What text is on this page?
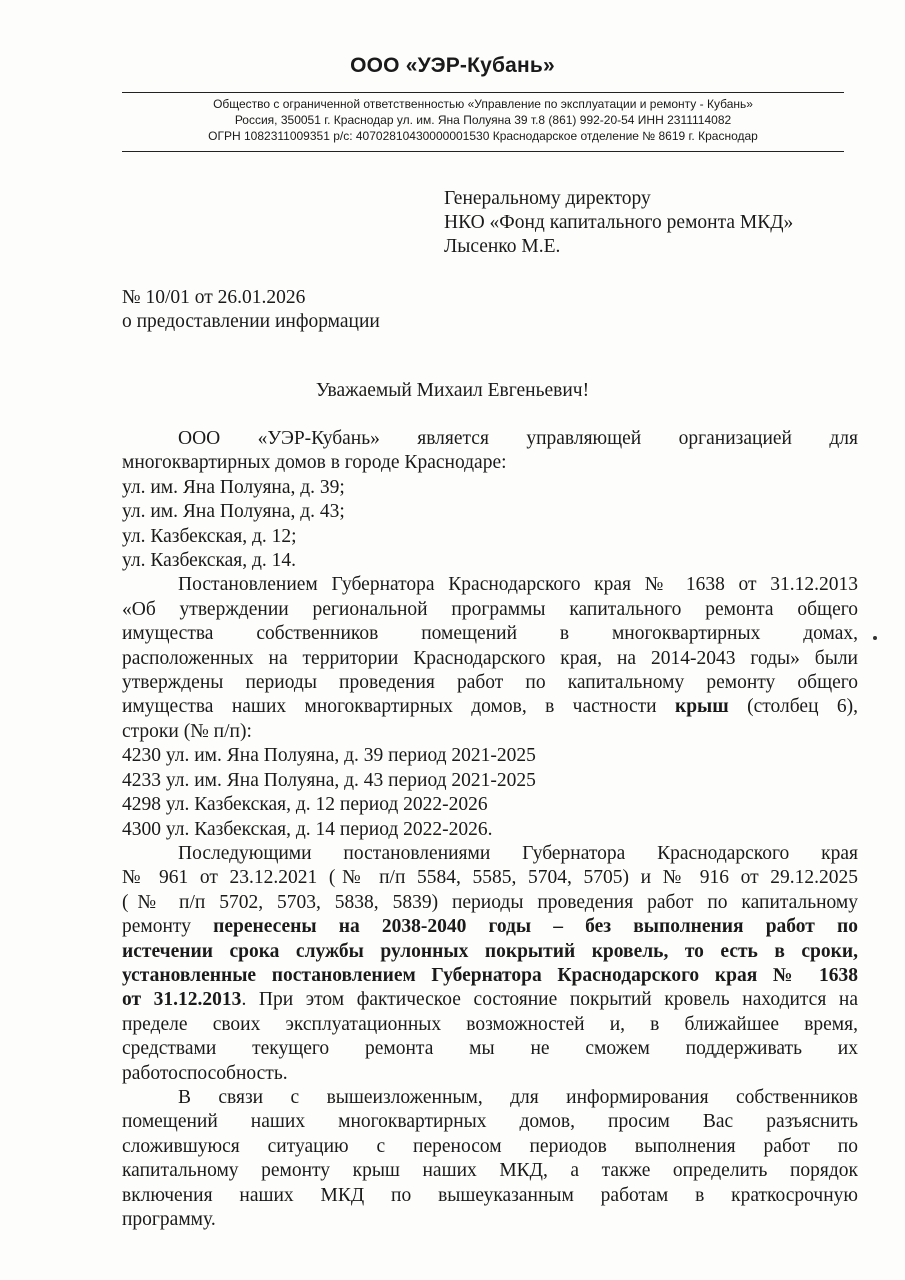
ООО «УЭР-Кубань»
Общество с ограниченной ответственностью «Управление по эксплуатации и ремонту - Кубань»
Россия, 350051 г. Краснодар ул. им. Яна Полуяна 39 т.8 (861) 992-20-54 ИНН 2311114082
ОГРН 1082311009351 р/с: 40702810430000001530 Краснодарское отделение № 8619 г. Краснодар
Генеральному директору
НКО «Фонд капитального ремонта МКД»
Лысенко М.Е.
№ 10/01 от 26.01.2026
о предоставлении информации
Уважаемый Михаил Евгеньевич!

ООО «УЭР-Кубань» является управляющей организацией для

многоквартирных домов в городе Краснодаре:

ул. им. Яна Полуяна, д. 39;

ул. им. Яна Полуяна, д. 43;

ул. Казбекская, д. 12;

ул. Казбекская, д. 14.

Постановлением Губернатора Краснодарского края № 1638 от 31.12.2013

«Об утверждении региональной программы капитального ремонта общего

имущества собственников помещений в многоквартирных домах,

расположенных на территории Краснодарского края, на 2014-2043 годы» были

утверждены периоды проведения работ по капитальному ремонту общего

имущества наших многоквартирных домов, в частности крыш (столбец 6),

строки (№ п/п):

4230 ул. им. Яна Полуяна, д. 39 период 2021-2025

4233 ул. им. Яна Полуяна, д. 43 период 2021-2025

4298 ул. Казбекская, д. 12 период 2022-2026

4300 ул. Казбекская, д. 14 период 2022-2026.

Последующими постановлениями Губернатора Краснодарского края

№ 961 от 23.12.2021 (№ п/п 5584, 5585, 5704, 5705) и № 916 от 29.12.2025

(№ п/п 5702, 5703, 5838, 5839) периоды проведения работ по капитальному

ремонту перенесены на 2038-2040 годы – без выполнения работ по

истечении срока службы рулонных покрытий кровель, то есть в сроки,

установленные постановлением Губернатора Краснодарского края № 1638

от 31.12.2013. При этом фактическое состояние покрытий кровель находится на

пределе своих эксплуатационных возможностей и, в ближайшее время,

средствами текущего ремонта мы не сможем поддерживать их

работоспособность.

В связи с вышеизложенным, для информирования собственников

помещений наших многоквартирных домов, просим Вас разъяснить

сложившуюся ситуацию с переносом периодов выполнения работ по

капитальному ремонту крыш наших МКД, а также определить порядок

включения наших МКД по вышеуказанным работам в краткосрочную

программу.
